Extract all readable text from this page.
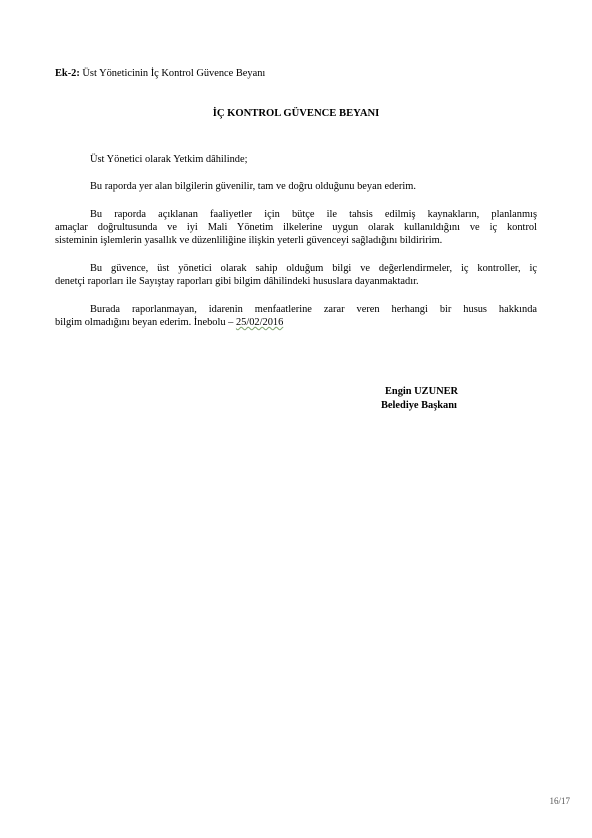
Ek-2: Üst Yöneticinin İç Kontrol Güvence Beyanı
İÇ KONTROL GÜVENCE BEYANI
Üst Yönetici olarak Yetkim dâhilinde;
Bu raporda yer alan bilgilerin güvenilir, tam ve doğru olduğunu beyan ederim.
Bu raporda açıklanan faaliyetler için bütçe ile tahsis edilmiş kaynakların, planlanmış
amaçlar doğrultusunda ve iyi Mali Yönetim ilkelerine uygun olarak kullanıldığını ve iç kontrol
sisteminin işlemlerin yasallık ve düzenliliğine ilişkin yeterli güvenceyi sağladığını bildiririm.
Bu güvence, üst yönetici olarak sahip olduğum bilgi ve değerlendirmeler, iç kontroller, iç
denetçi raporları ile Sayıştay raporları gibi bilgim dâhilindeki hususlara dayanmaktadır.
Burada raporlanmayan, idarenin menfaatlerine zarar veren herhangi bir husus hakkında
bilgim olmadığını beyan ederim. İnebolu – 25/02/2016
Engin UZUNER
Belediye Başkanı
16/17
